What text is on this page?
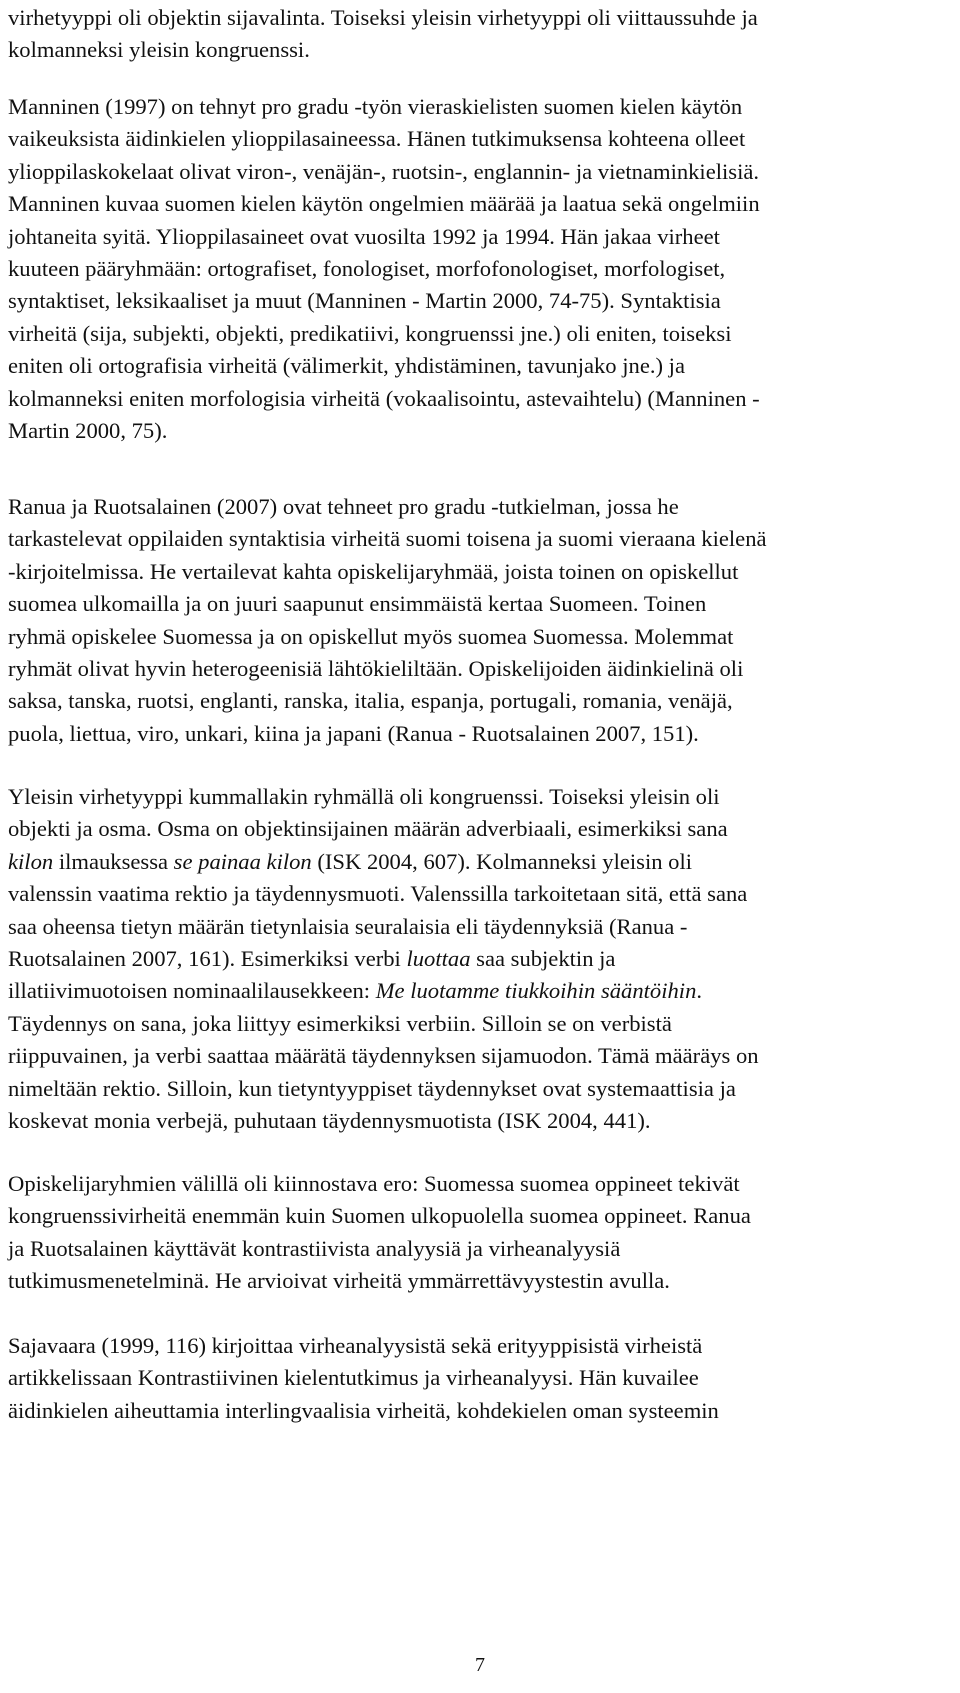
virhetyyppi oli objektin sijavalinta. Toiseksi yleisin virhetyyppi oli viittaussuhde ja
kolmanneksi yleisin kongruenssi.
Manninen (1997) on tehnyt pro gradu -työn vieraskielisten suomen kielen käytön
vaikeuksista äidinkielen ylioppilasaineessa. Hänen tutkimuksensa kohteena olleet
ylioppilaskokelaat olivat viron-, venäjän-, ruotsin-, englannin- ja vietnaminkielisiä.
Manninen kuvaa suomen kielen käytön ongelmien määrää ja laatua sekä ongelmiin
johtaneita syitä. Ylioppilasaineet ovat vuosilta 1992 ja 1994. Hän jakaa virheet
kuuteen pääryhmään: ortografiset, fonologiset, morfofonologiset, morfologiset,
syntaktiset, leksikaaliset ja muut (Manninen - Martin 2000, 74-75). Syntaktisia
virheitä (sija, subjekti, objekti, predikatiivi, kongruenssi jne.) oli eniten, toiseksi
eniten oli ortografisia virheitä (välimerkit, yhdistäminen, tavunjako jne.) ja
kolmanneksi eniten morfologisia virheitä (vokaalisointu, astevaihtelu) (Manninen -
Martin 2000, 75).
Ranua ja Ruotsalainen (2007) ovat tehneet pro gradu -tutkielman, jossa he
tarkastelevat oppilaiden syntaktisia virheitä suomi toisena ja suomi vieraana kielenä
-kirjoitelmissa. He vertailevat kahta opiskelijaryhmää, joista toinen on opiskellut
suomea ulkomailla ja on juuri saapunut ensimmäistä kertaa Suomeen. Toinen
ryhmä opiskelee Suomessa ja on opiskellut myös suomea Suomessa. Molemmat
ryhmät olivat hyvin heterogeenisiä lähtökieliltään. Opiskelijoiden äidinkielinä oli
saksa, tanska, ruotsi, englanti, ranska, italia, espanja, portugali, romania, venäjä,
puola, liettua, viro, unkari, kiina ja japani (Ranua - Ruotsalainen 2007, 151).
Yleisin virhetyyppi kummallakin ryhmällä oli kongruenssi. Toiseksi yleisin oli
objekti ja osma. Osma on objektinsijainen määrän adverbiaali, esimerkiksi sana
kilon ilmauksessa se painaa kilon (ISK 2004, 607). Kolmanneksi yleisin oli
valenssin vaatima rektio ja täydennysmuoti. Valenssilla tarkoitetaan sitä, että sana
saa oheensa tietyn määrän tietynlaisia seuralaisia eli täydennyksiä (Ranua -
Ruotsalainen 2007, 161). Esimerkiksi verbi luottaa saa subjektin ja
illatiivimuotoisen nominaalilausekkeen: Me luotamme tiukkoihin sääntöihin.
Täydennys on sana, joka liittyy esimerkiksi verbiin. Silloin se on verbistä
riippuvainen, ja verbi saattaa määrätä täydennyksen sijamuodon. Tämä määräys on
nimeltään rektio. Silloin, kun tietyntyyppiset täydennykset ovat systemaattisia ja
koskevat monia verbejä, puhutaan täydennysmuotista (ISK 2004, 441).
Opiskelijaryhmien välillä oli kiinnostava ero: Suomessa suomea oppineet tekivät
kongruenssivirheitä enemmän kuin Suomen ulkopuolella suomea oppineet. Ranua
ja Ruotsalainen käyttävät kontrastiivista analyysiä ja virheanalyysiä
tutkimusmenetelminä. He arvioivat virheitä ymmärrettävyystestin avulla.
Sajavaara (1999, 116) kirjoittaa virheanalyysistä sekä erityyppisistä virheistä
artikkelissaan Kontrastiivinen kielentutkimus ja virheanalyysi. Hän kuvailee
äidinkielen aiheuttamia interlingvaalisia virheitä, kohdekielen oman systeemin
7
